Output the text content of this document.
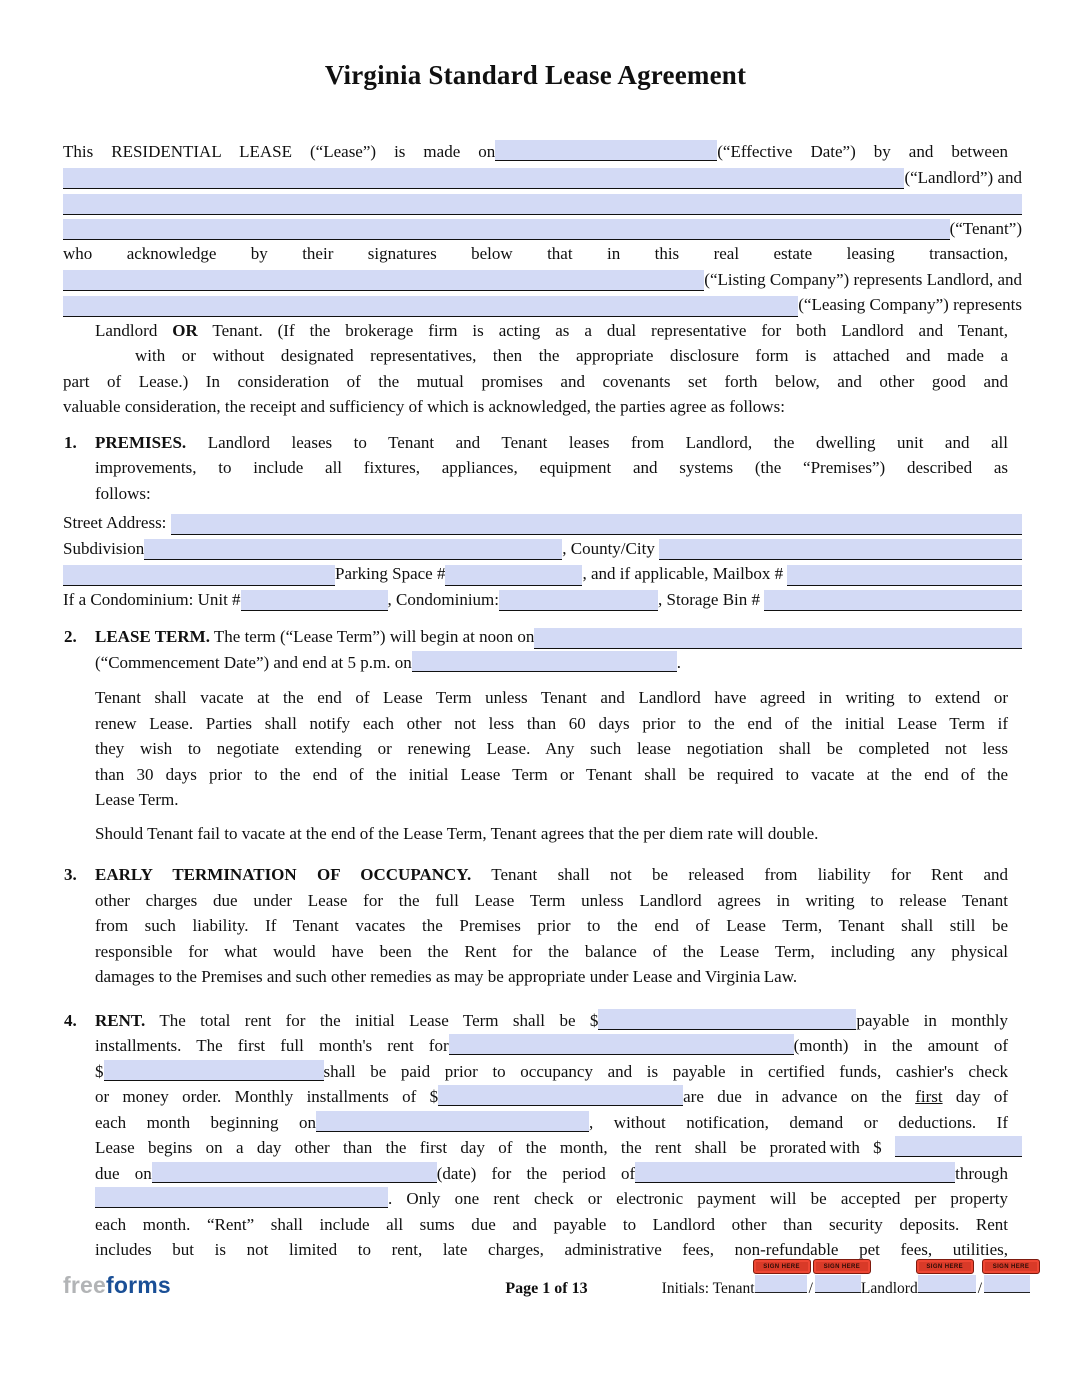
Virginia Standard Lease Agreement
This RESIDENTIAL LEASE (“Lease”) is made on	(“Effective Date”) by and between
(“Landlord”) and
(“Tenant”)
who acknowledge by their signatures below that in this real estate leasing transaction,
(“Listing Company”) represents Landlord, and
(“Leasing Company”) represents
Landlord OR Tenant. (If the brokerage firm is acting as a dual representative for both Landlord and Tenant,
with or without designated representatives, then the appropriate disclosure form is attached and made a
part of Lease.) In consideration of the mutual promises and covenants set forth below, and other good and
valuable consideration, the receipt and sufficiency of which is acknowledged, the parties agree as follows:
1. PREMISES. Landlord leases to Tenant and Tenant leases from Landlord, the dwelling unit and all
improvements, to include all fixtures, appliances, equipment and systems (the “Premises”) described as
follows:
Street Address:
Subdivision	, County/City
Parking Space #	, and if applicable, Mailbox #
If a Condominium: Unit #	, Condominium:	, Storage Bin #
2. LEASE TERM. The term (“Lease Term”) will begin at noon on
(“Commencement Date”) and end at 5 p.m. on	.
Tenant shall vacate at the end of Lease Term unless Tenant and Landlord have agreed in writing to extend or
renew Lease. Parties shall notify each other not less than 60 days prior to the end of the initial Lease Term if
they wish to negotiate extending or renewing Lease. Any such lease negotiation shall be completed not less
than 30 days prior to the end of the initial Lease Term or Tenant shall be required to vacate at the end of the
Lease Term.
Should Tenant fail to vacate at the end of the Lease Term, Tenant agrees that the per diem rate will double.
3. EARLY TERMINATION OF OCCUPANCY. Tenant shall not be released from liability for Rent and
other charges due under Lease for the full Lease Term unless Landlord agrees in writing to release Tenant
from such liability. If Tenant vacates the Premises prior to the end of Lease Term, Tenant shall still be
responsible for what would have been the Rent for the balance of the Lease Term, including any physical
damages to the Premises and such other remedies as may be appropriate under Lease and Virginia Law.
4. RENT. The total rent for the initial Lease Term shall be $	payable in monthly
installments. The first full month's rent for	(month) in the amount of
$	shall be paid prior to occupancy and is payable in certified funds, cashier's check
or money order. Monthly installments of $	are due in advance on the first day of
each month beginning on	, without notification, demand or deductions. If
Lease begins on a day other than the first day of the month, the rent shall be prorated with $
due on	(date) for the period of	through
. Only one rent check or electronic payment will be accepted per property
each month. “Rent” shall include all sums due and payable to Landlord other than security deposits. Rent
includes but is not limited to rent, late charges, administrative fees, non-refundable pet fees, utilities,
freeforms	Page 1 of 13	Initials: Tenant
SIGN HERE
/
SIGN HERE
Landlord
SIGN HERE
/
SIGN HERE
